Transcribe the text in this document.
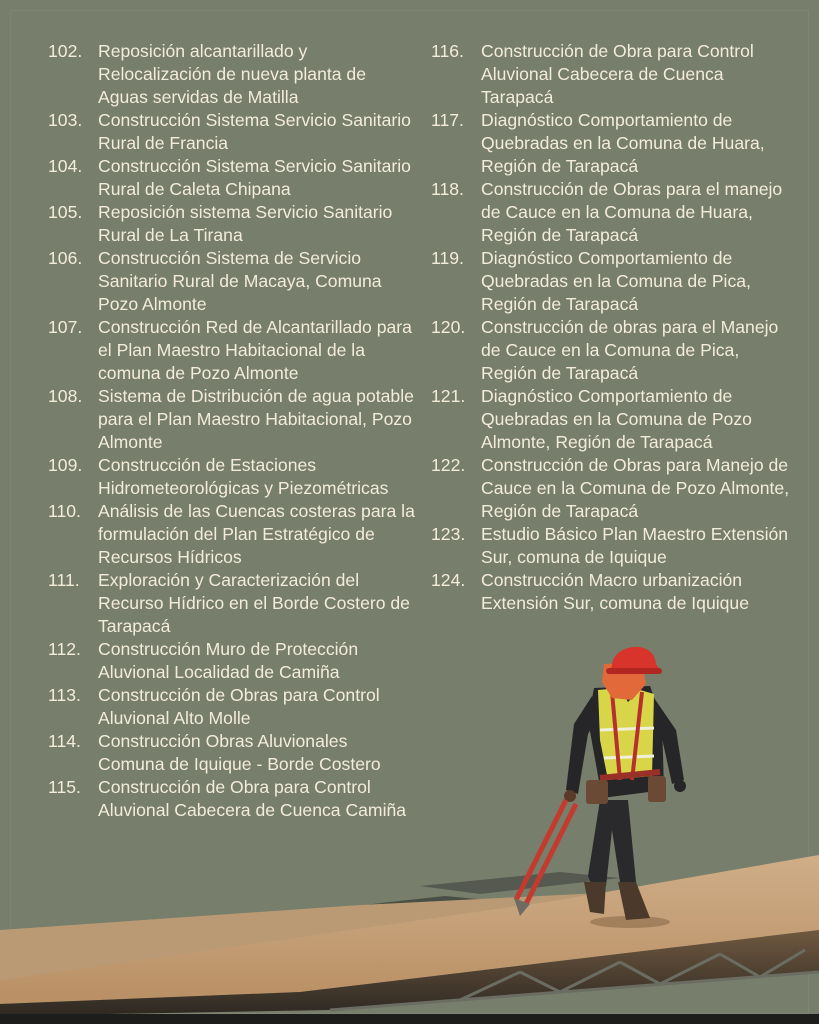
102. Reposición alcantarillado y Relocalización de nueva planta de Aguas servidas de Matilla
103. Construcción Sistema Servicio Sanitario Rural de Francia
104. Construcción Sistema Servicio Sanitario Rural de Caleta Chipana
105. Reposición sistema Servicio Sanitario Rural de La Tirana
106. Construcción Sistema de Servicio Sanitario Rural de Macaya, Comuna Pozo Almonte
107. Construcción Red de Alcantarillado para el Plan Maestro Habitacional de la comuna de Pozo Almonte
108. Sistema de Distribución de agua potable para el Plan Maestro Habitacional, Pozo Almonte
109. Construcción de Estaciones Hidrometeorológicas y Piezométricas
110. Análisis de las Cuencas costeras para la formulación del Plan Estratégico de Recursos Hídricos
111.	Exploración y Caracterización del Recurso Hídrico en el Borde Costero de Tarapacá
112. Construcción Muro de Protección Aluvional Localidad de Camiña
113. Construcción de Obras para Control Aluvional Alto Molle
114. Construcción Obras Aluvionales Comuna de Iquique - Borde Costero
115. Construcción de Obra para Control Aluvional Cabecera de Cuenca Camiña
116. Construcción de Obra para Control Aluvional Cabecera de Cuenca Tarapacá
117. Diagnóstico Comportamiento de Quebradas en la Comuna de Huara, Región de Tarapacá
118. Construcción de Obras para el manejo de Cauce en la Comuna de Huara, Región de Tarapacá
119. Diagnóstico Comportamiento de Quebradas en la Comuna de Pica, Región de Tarapacá
120. Construcción de obras para el Manejo de Cauce en la Comuna de Pica, Región de Tarapacá
121. Diagnóstico Comportamiento de Quebradas en la Comuna de Pozo Almonte, Región de Tarapacá
122. Construcción de Obras para Manejo de Cauce en la Comuna de Pozo Almonte, Región de Tarapacá
123. Estudio Básico Plan Maestro Extensión Sur, comuna de Iquique
124. Construcción Macro urbanización Extensión Sur, comuna de Iquique
